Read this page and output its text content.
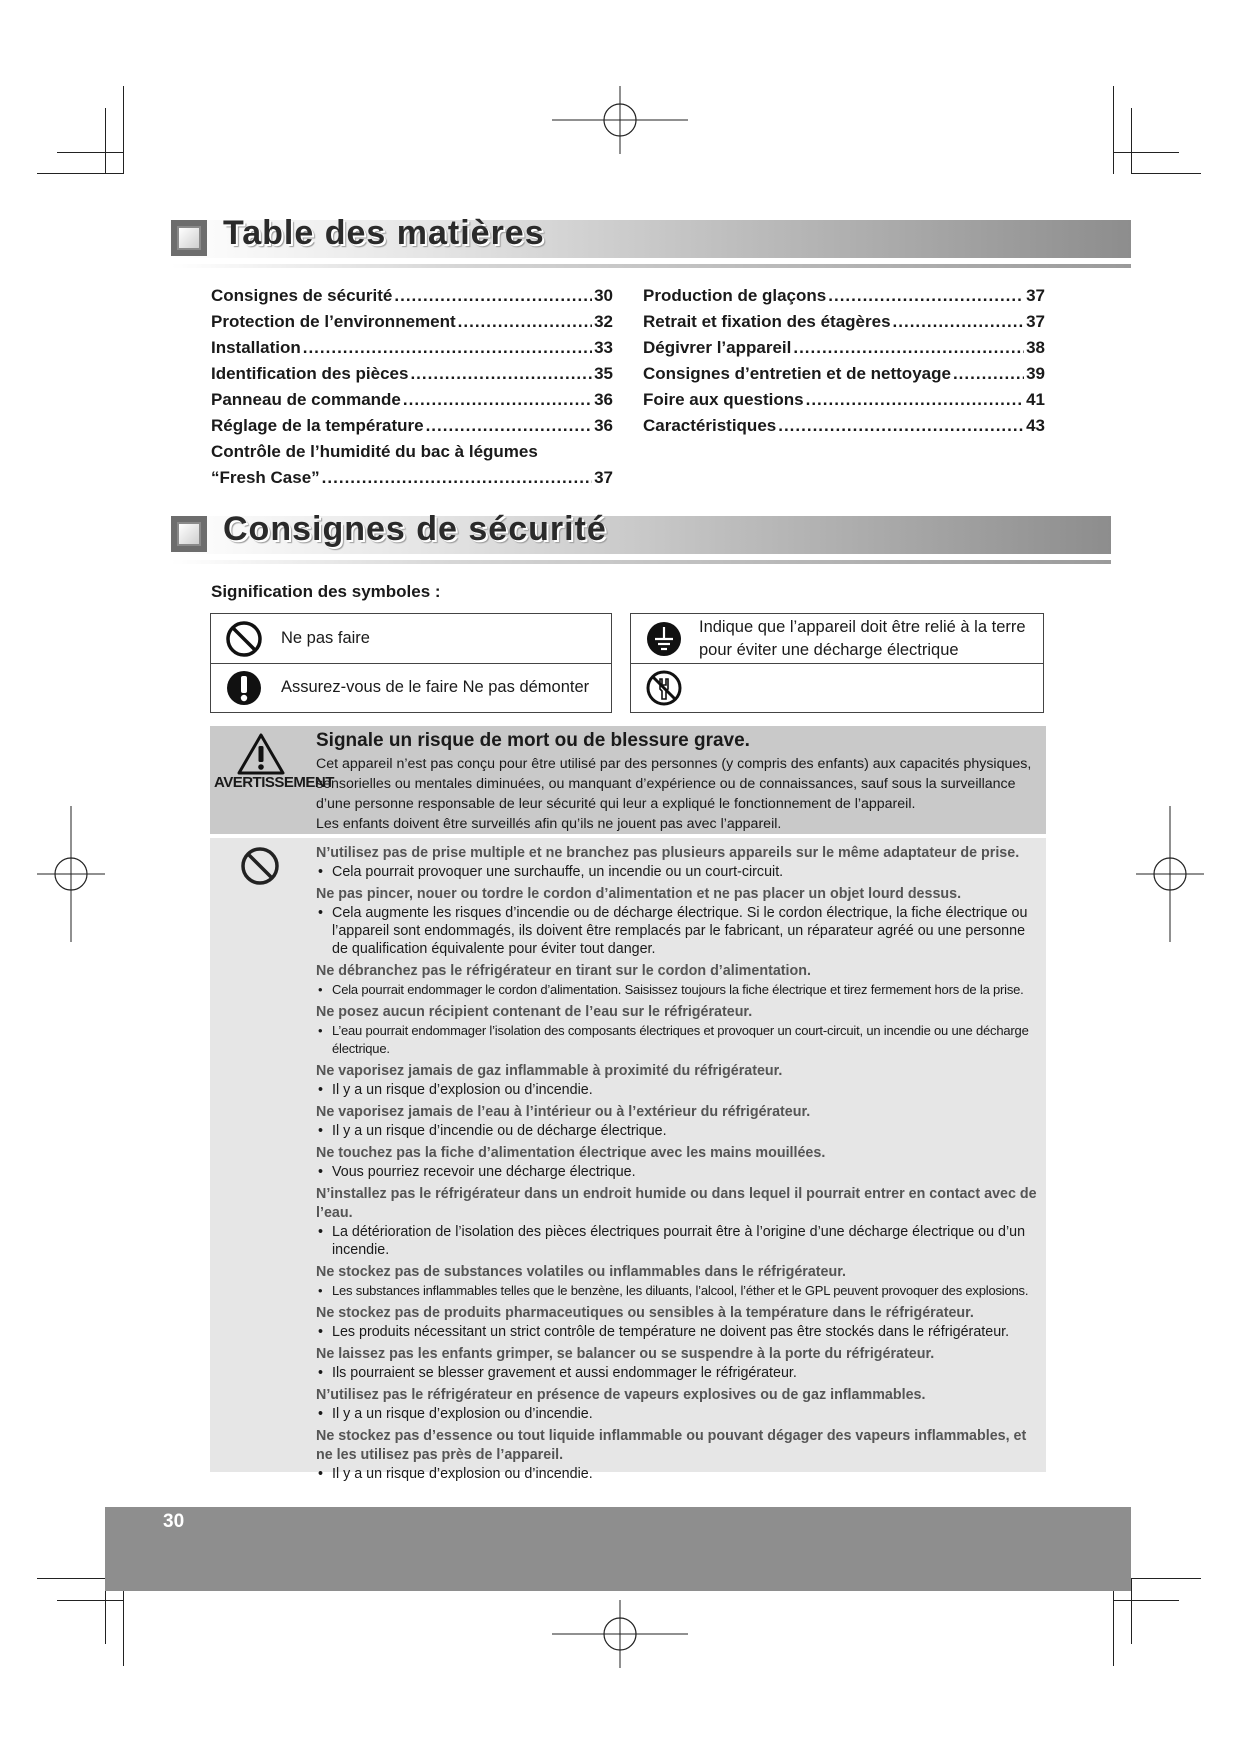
Table des matières
Consignes de sécurité .....	30
Protection de l’environnement .....	32
Installation .....	33
Identification des pièces .....	35
Panneau de commande .....	36
Réglage de la température .....	36
Contrôle de l’humidité du bac à légumes
“Fresh Case” .....	37
Production de glaçons .....	37
Retrait et fixation des étagères .....	37
Dégivrer l’appareil .....	38
Consignes d’entretien et de nettoyage .....	39
Foire aux questions .....	41
Caractéristiques .....	43
Consignes de sécurité
Signification des symboles :
Ne pas faire
Assurez-vous de le faire Ne pas démonter
Indique que l’appareil doit être relié à la terre
pour éviter une décharge électrique
AVERTISSEMENT
Signale un risque de mort ou de blessure grave.
Cet appareil n’est pas conçu pour être utilisé par des personnes (y compris des enfants) aux capacités physiques, sensorielles ou mentales diminuées, ou manquant d’expérience ou de connaissances, sauf sous la surveillance d’une personne responsable de leur sécurité qui leur a expliqué le fonctionnement de l’appareil.
Les enfants doivent être surveillés afin qu’ils ne jouent pas avec l’appareil.
N’utilisez pas de prise multiple et ne branchez pas plusieurs appareils sur le même adaptateur de prise.
• Cela pourrait provoquer une surchauffe, un incendie ou un court-circuit.
Ne pas pincer, nouer ou tordre le cordon d’alimentation et ne pas placer un objet lourd dessus.
• Cela augmente les risques d’incendie ou de décharge électrique. Si le cordon électrique, la fiche électrique ou l’appareil sont endommagés, ils doivent être remplacés par le fabricant, un réparateur agréé ou une personne de qualification équivalente pour éviter tout danger.
Ne débranchez pas le réfrigérateur en tirant sur le cordon d’alimentation.
• Cela pourrait endommager le cordon d’alimentation. Saisissez toujours la fiche électrique et tirez fermement hors de la prise.
Ne posez aucun récipient contenant de l’eau sur le réfrigérateur.
• L’eau pourrait endommager l’isolation des composants électriques et provoquer un court-circuit, un incendie ou une décharge électrique.
Ne vaporisez jamais de gaz inflammable à proximité du réfrigérateur.
• Il y a un risque d’explosion ou d’incendie.
Ne vaporisez jamais de l’eau à l’intérieur ou à l’extérieur du réfrigérateur.
• Il y a un risque d’incendie ou de décharge électrique.
Ne touchez pas la fiche d’alimentation électrique avec les mains mouillées.
• Vous pourriez recevoir une décharge électrique.
N’installez pas le réfrigérateur dans un endroit humide ou dans lequel il pourrait entrer en contact avec de l’eau.
• La détérioration de l’isolation des pièces électriques pourrait être à l’origine d’une décharge électrique ou d’un incendie.
Ne stockez pas de substances volatiles ou inflammables dans le réfrigérateur.
• Les substances inflammables telles que le benzène, les diluants, l’alcool, l’éther et le GPL peuvent provoquer des explosions.
Ne stockez pas de produits pharmaceutiques ou sensibles à la température dans le réfrigérateur.
• Les produits nécessitant un strict contrôle de température ne doivent pas être stockés dans le réfrigérateur.
Ne laissez pas les enfants grimper, se balancer ou se suspendre à la porte du réfrigérateur.
• Ils pourraient se blesser gravement et aussi endommager le réfrigérateur.
N’utilisez pas le réfrigérateur en présence de vapeurs explosives ou de gaz inflammables.
• Il y a un risque d’explosion ou d’incendie.
Ne stockez pas d’essence ou tout liquide inflammable ou pouvant dégager des vapeurs inflammables, et ne les utilisez pas près de l’appareil.
• Il y a un risque d’explosion ou d’incendie.
30
